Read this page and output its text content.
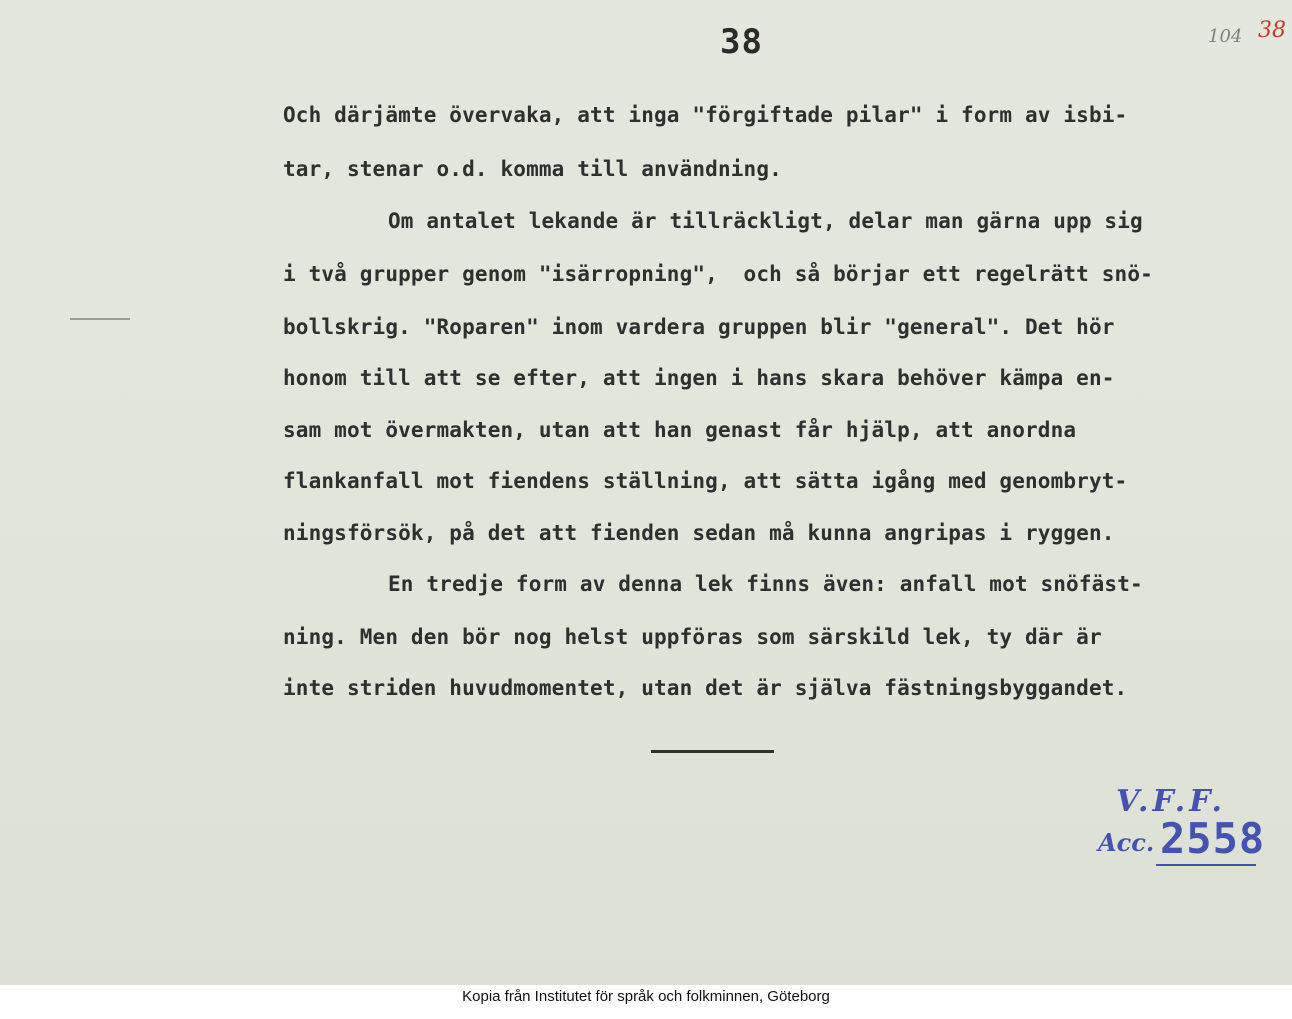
38	104 38
Och därjämte övervaka, att inga "förgiftade pilar" i form av isbi-
tar, stenar o.d. komma till användning.
Om antalet lekande är tillräckligt, delar man gärna upp sig
i två grupper genom "isärropning",  och så börjar ett regelrätt snö-
bollskrig. "Roparen" inom vardera gruppen blir "general". Det hör
honom till att se efter, att ingen i hans skara behöver kämpa en-
sam mot övermakten, utan att han genast får hjälp, att anordna
flankanfall mot fiendens ställning, att sätta igång med genombryt-
ningsförsök, på det att fienden sedan må kunna angripas i ryggen.
En tredje form av denna lek finns även: anfall mot snöfäst-
ning. Men den bör nog helst uppföras som särskild lek, ty där är
inte striden huvudmomentet, utan det är själva fästningsbyggandet.
V.F.F.
Acc. 2558
Kopia från Institutet för språk och folkminnen, Göteborg
